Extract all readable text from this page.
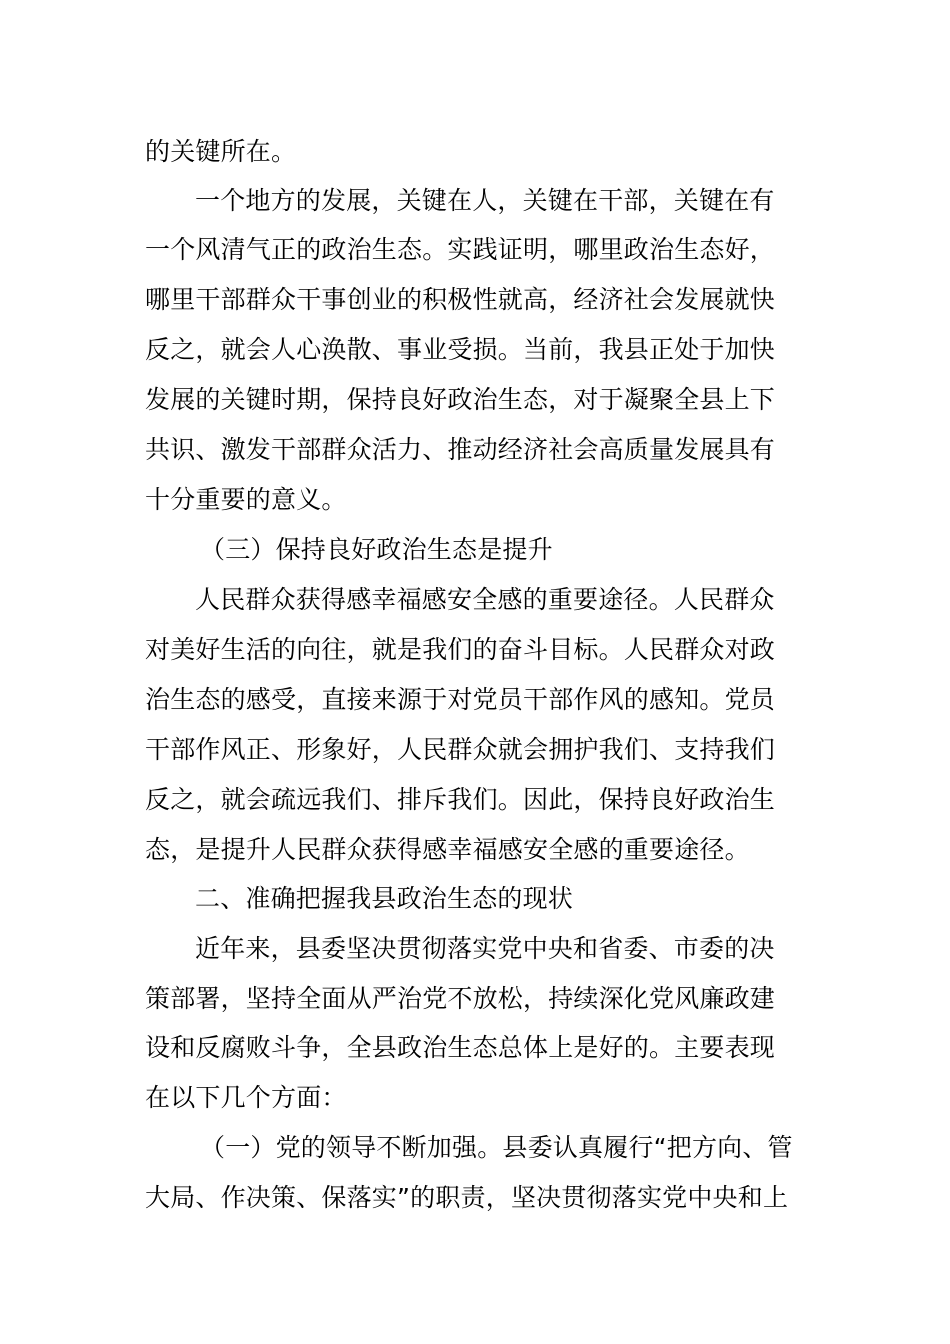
的关键所在。
一个地方的发展，关键在人，关键在干部，关键在有
一个风清气正的政治生态。实践证明，哪里政治生态好，
哪里干部群众干事创业的积极性就高，经济社会发展就快
反之，就会人心涣散、事业受损。当前，我县正处于加快
发展的关键时期，保持良好政治生态，对于凝聚全县上下
共识、激发干部群众活力、推动经济社会高质量发展具有
十分重要的意义。
（三）保持良好政治生态是提升
人民群众获得感幸福感安全感的重要途径。人民群众
对美好生活的向往，就是我们的奋斗目标。人民群众对政
治生态的感受，直接来源于对党员干部作风的感知。党员
干部作风正、形象好，人民群众就会拥护我们、支持我们
反之，就会疏远我们、排斥我们。因此，保持良好政治生
态，是提升人民群众获得感幸福感安全感的重要途径。
二、准确把握我县政治生态的现状
近年来，县委坚决贯彻落实党中央和省委、市委的决
策部署，坚持全面从严治党不放松，持续深化党风廉政建
设和反腐败斗争，全县政治生态总体上是好的。主要表现
在以下几个方面：
（一）党的领导不断加强。县委认真履行“把方向、管
大局、作决策、保落实”的职责，坚决贯彻落实党中央和上
